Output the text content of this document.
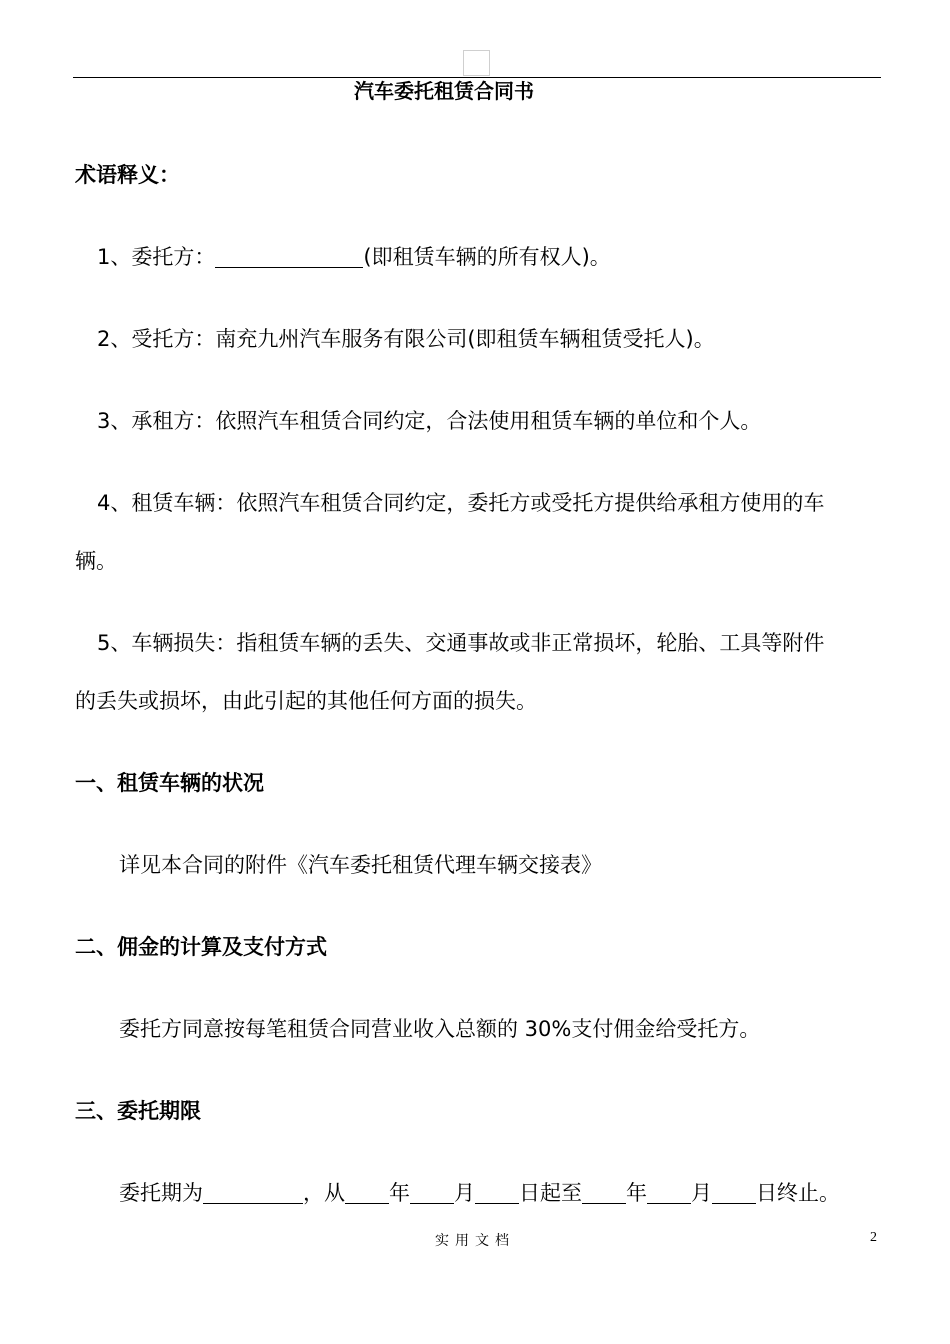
汽车委托租赁合同书
术语释义：
1、委托方：	(即租赁车辆的所有权人)。
2、受托方：南充九州汽车服务有限公司(即租赁车辆租赁受托人)。
3、承租方：依照汽车租赁合同约定，合法使用租赁车辆的单位和个人。
4、租赁车辆：依照汽车租赁合同约定，委托方或受托方提供给承租方使用的车
辆。
5、车辆损失：指租赁车辆的丢失、交通事故或非正常损坏，轮胎、工具等附件
的丢失或损坏，由此引起的其他任何方面的损失。
一、租赁车辆的状况
详见本合同的附件《汽车委托租赁代理车辆交接表》
二、佣金的计算及支付方式
委托方同意按每笔租赁合同营业收入总额的 30%支付佣金给受托方。
三、委托期限
委托期为	，从 年 月 日起至 年 月 日终止。
实用文档	2
